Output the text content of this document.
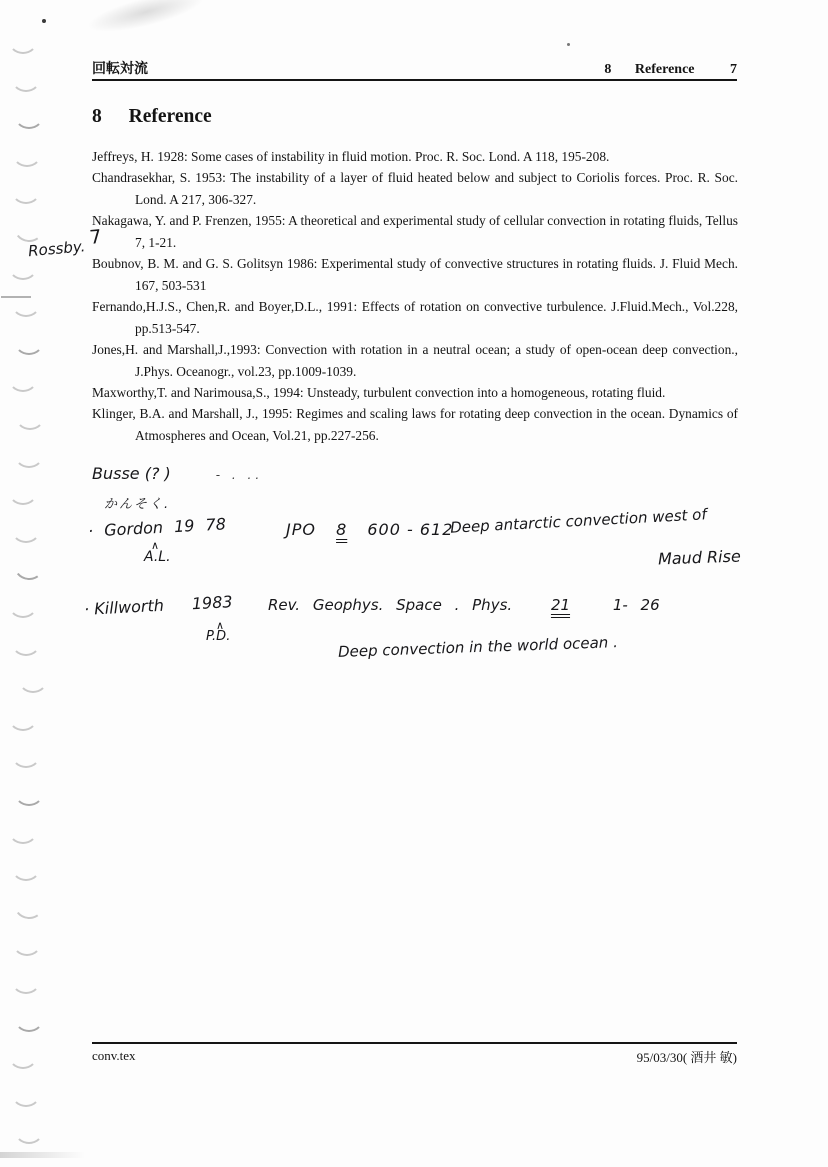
回転対流	8 Reference	7
8 Reference

Jeffreys, H. 1928: Some cases of instability in fluid motion. Proc. R. Soc. Lond. A 118, 195-208.

Chandrasekhar, S. 1953: The instability of a layer of fluid heated below and subject to Coriolis forces. Proc. R. Soc. Lond. A 217, 306-327.

Nakagawa, Y. and P. Frenzen, 1955: A theoretical and experimental study of cellular convection in rotating fluids, Tellus 7, 1-21.

Boubnov, B. M. and G. S. Golitsyn 1986: Experimental study of convective structures in rotating fluids. J. Fluid Mech. 167, 503-531

Fernando,H.J.S., Chen,R. and Boyer,D.L., 1991: Effects of rotation on convective turbulence. J.Fluid.Mech., Vol.228, pp.513-547.

Jones,H. and Marshall,J.,1993: Convection with rotation in a neutral ocean; a study of open-ocean deep convection., J.Phys. Oceanogr., vol.23, pp.1009-1039.

Maxworthy,T. and Narimousa,S., 1994: Unsteady, turbulent convection into a homogeneous, rotating fluid.

Klinger, B.A. and Marshall, J., 1995: Regimes and scaling laws for rotating deep convection in the ocean. Dynamics of Atmospheres and Ocean, Vol.21, pp.227-256.

Rossby. 7
Busse (? )	- . ..
かんそく.
· Gordon 19 78
∧
A.L.
JPO 8 600 - 612
Deep antarctic convection west of
Maud Rise
· Killworth 1983
∧
P.D.
Rev. Geophys. Space . Phys.	21	1- 26
Deep convection in the world ocean .
conv.tex	95/03/30( 酒井 敏)
